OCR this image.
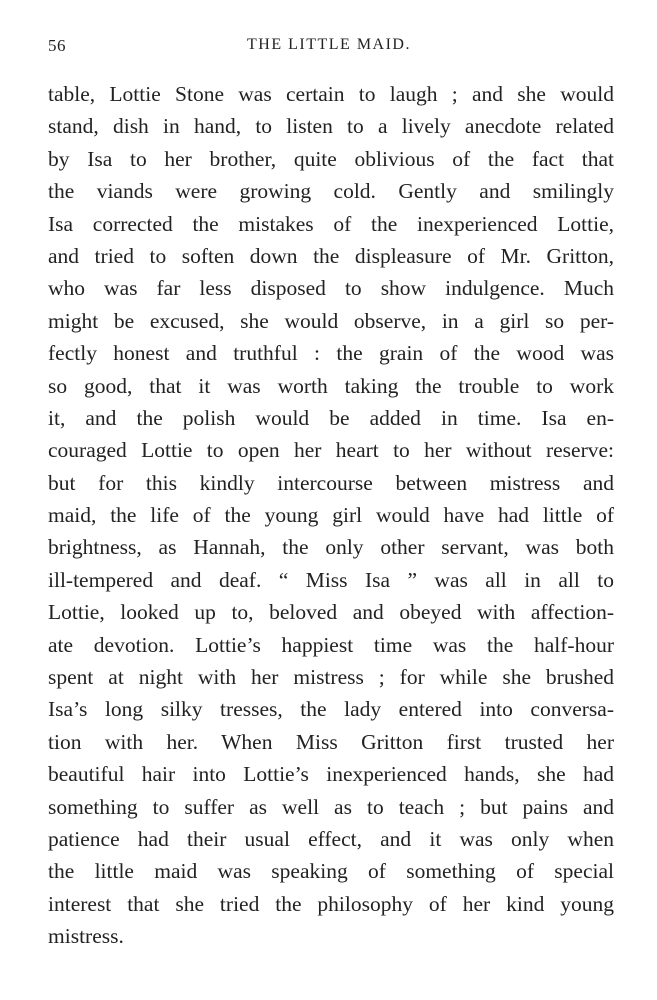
56	THE LITTLE MAID.
table, Lottie Stone was certain to laugh ; and she would
stand, dish in hand, to listen to a lively anecdote related
by Isa to her brother, quite oblivious of the fact that
the viands were growing cold. Gently and smilingly
Isa corrected the mistakes of the inexperienced Lottie,
and tried to soften down the displeasure of Mr. Gritton,
who was far less disposed to show indulgence. Much
might be excused, she would observe, in a girl so per-
fectly honest and truthful : the grain of the wood was
so good, that it was worth taking the trouble to work
it, and the polish would be added in time. Isa en-
couraged Lottie to open her heart to her without reserve:
but for this kindly intercourse between mistress and
maid, the life of the young girl would have had little of
brightness, as Hannah, the only other servant, was both
ill-tempered and deaf. “ Miss Isa ” was all in all to
Lottie, looked up to, beloved and obeyed with affection-
ate devotion. Lottie’s happiest time was the half-hour
spent at night with her mistress ; for while she brushed
Isa’s long silky tresses, the lady entered into conversa-
tion with her. When Miss Gritton first trusted her
beautiful hair into Lottie’s inexperienced hands, she had
something to suffer as well as to teach ; but pains and
patience had their usual effect, and it was only when
the little maid was speaking of something of special
interest that she tried the philosophy of her kind young
mistress.
